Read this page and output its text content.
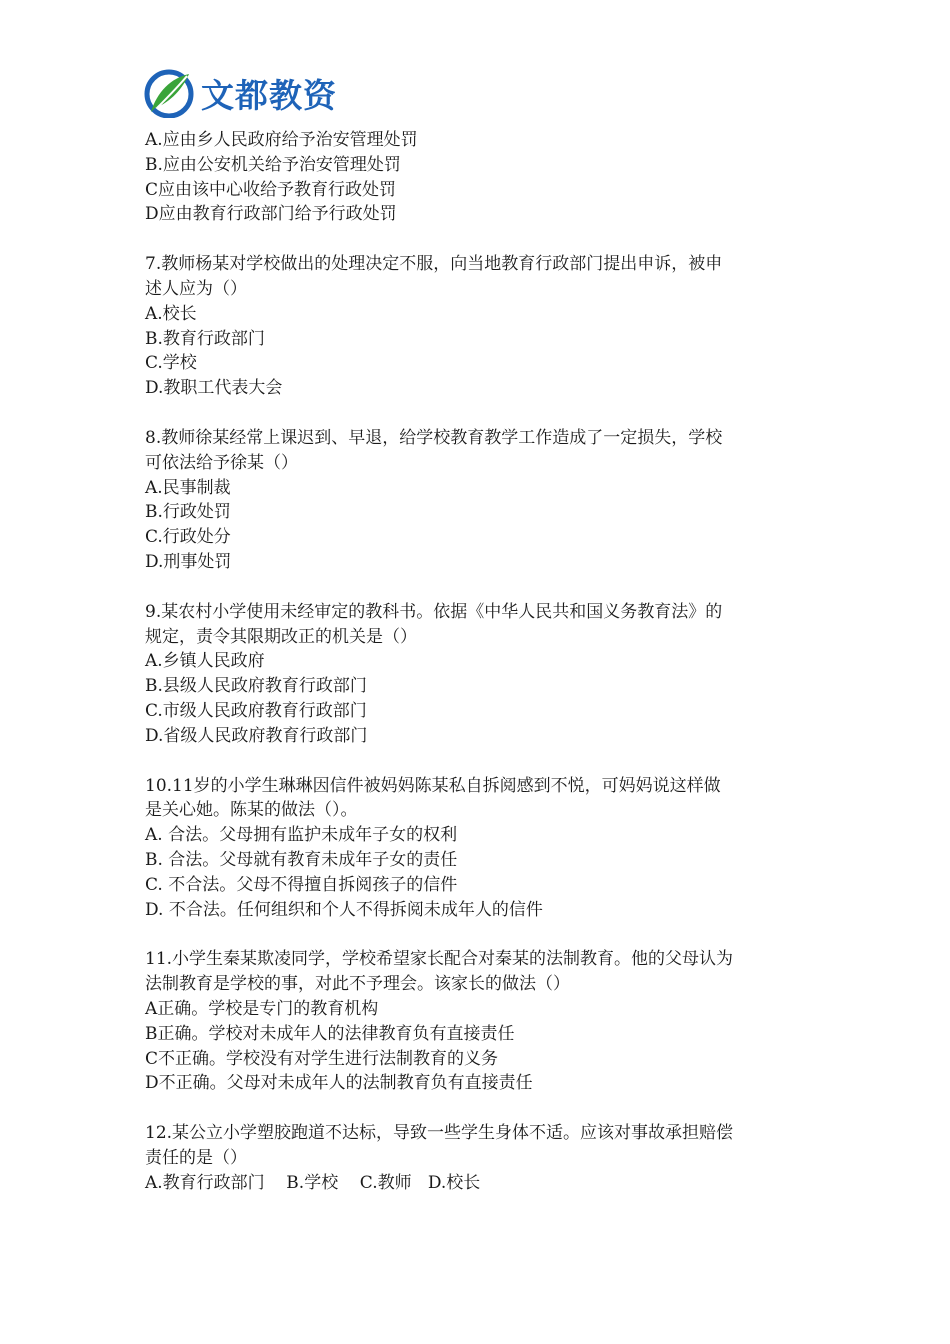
文都教资
A.应由乡人民政府给予治安管理处罚
B.应由公安机关给予治安管理处罚
C应由该中心收给予教育行政处罚
D应由教育行政部门给予行政处罚
7.教师杨某对学校做出的处理决定不服，向当地教育行政部门提出申诉，被申
述人应为（）
A.校长
B.教育行政部门
C.学校
D.教职工代表大会
8.教师徐某经常上课迟到、早退，给学校教育教学工作造成了一定损失，学校
可依法给予徐某（）
A.民事制裁
B.行政处罚
C.行政处分
D.刑事处罚
9.某农村小学使用未经审定的教科书。依据《中华人民共和国义务教育法》的
规定，责令其限期改正的机关是（）
A.乡镇人民政府
B.县级人民政府教育行政部门
C.市级人民政府教育行政部门
D.省级人民政府教育行政部门
10.11岁的小学生琳琳因信件被妈妈陈某私自拆阅感到不悦，可妈妈说这样做
是关心她。陈某的做法（）。
A. 合法。父母拥有监护未成年子女的权利
B. 合法。父母就有教育未成年子女的责任
C. 不合法。父母不得擅自拆阅孩子的信件
D. 不合法。任何组织和个人不得拆阅未成年人的信件
11.小学生秦某欺凌同学，学校希望家长配合对秦某的法制教育。他的父母认为
法制教育是学校的事，对此不予理会。该家长的做法（）
A正确。学校是专门的教育机构
B正确。学校对未成年人的法律教育负有直接责任
C不正确。学校没有对学生进行法制教育的义务
D不正确。父母对未成年人的法制教育负有直接责任
12.某公立小学塑胶跑道不达标，导致一些学生身体不适。应该对事故承担赔偿
责任的是（）
A.教育行政部门    B.学校    C.教师   D.校长
